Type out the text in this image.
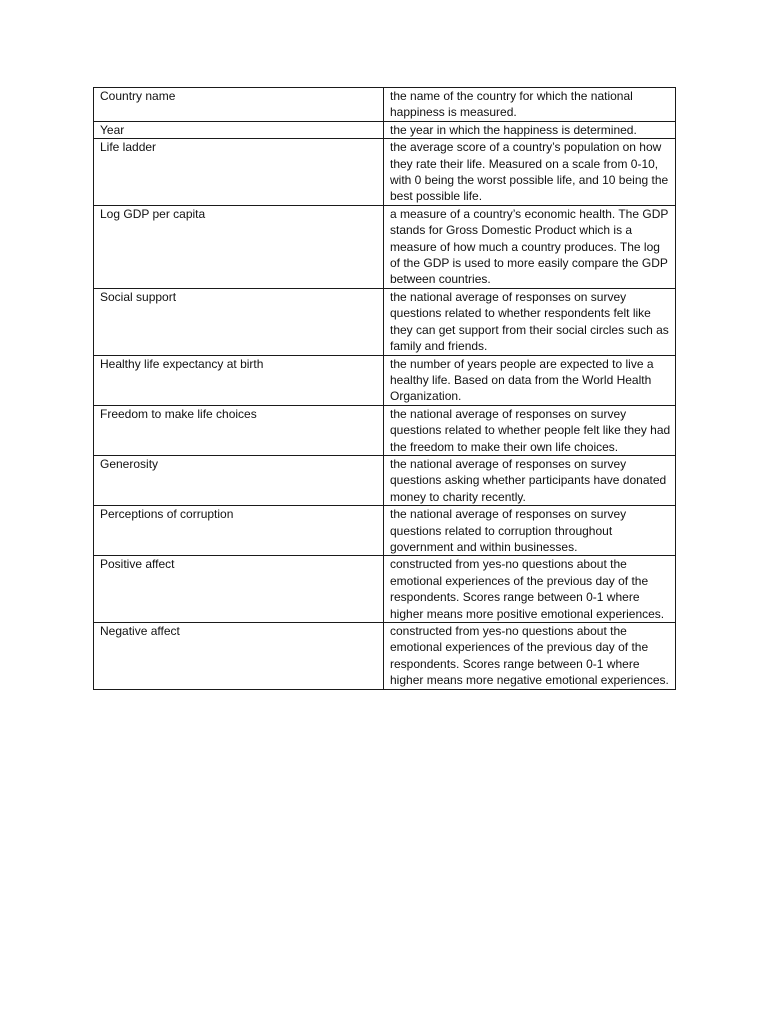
Country name	the name of the country for which the national happiness is measured.
Year	the year in which the happiness is determined.
Life ladder	the average score of a country’s population on how they rate their life. Measured on a scale from 0-10, with 0 being the worst possible life, and 10 being the best possible life.
Log GDP per capita	a measure of a country’s economic health. The GDP stands for Gross Domestic Product which is a measure of how much a country produces. The log of the GDP is used to more easily compare the GDP between countries.
Social support	the national average of responses on survey questions related to whether respondents felt like they can get support from their social circles such as family and friends.
Healthy life expectancy at birth	the number of years people are expected to live a healthy life. Based on data from the World Health Organization.
Freedom to make life choices	the national average of responses on survey questions related to whether people felt like they had the freedom to make their own life choices.
Generosity	the national average of responses on survey questions asking whether participants have donated money to charity recently.
Perceptions of corruption	the national average of responses on survey questions related to corruption throughout government and within businesses.
Positive affect	constructed from yes-no questions about the emotional experiences of the previous day of the respondents. Scores range between 0-1 where higher means more positive emotional experiences.
Negative affect	constructed from yes-no questions about the emotional experiences of the previous day of the respondents. Scores range between 0-1 where higher means more negative emotional experiences.
